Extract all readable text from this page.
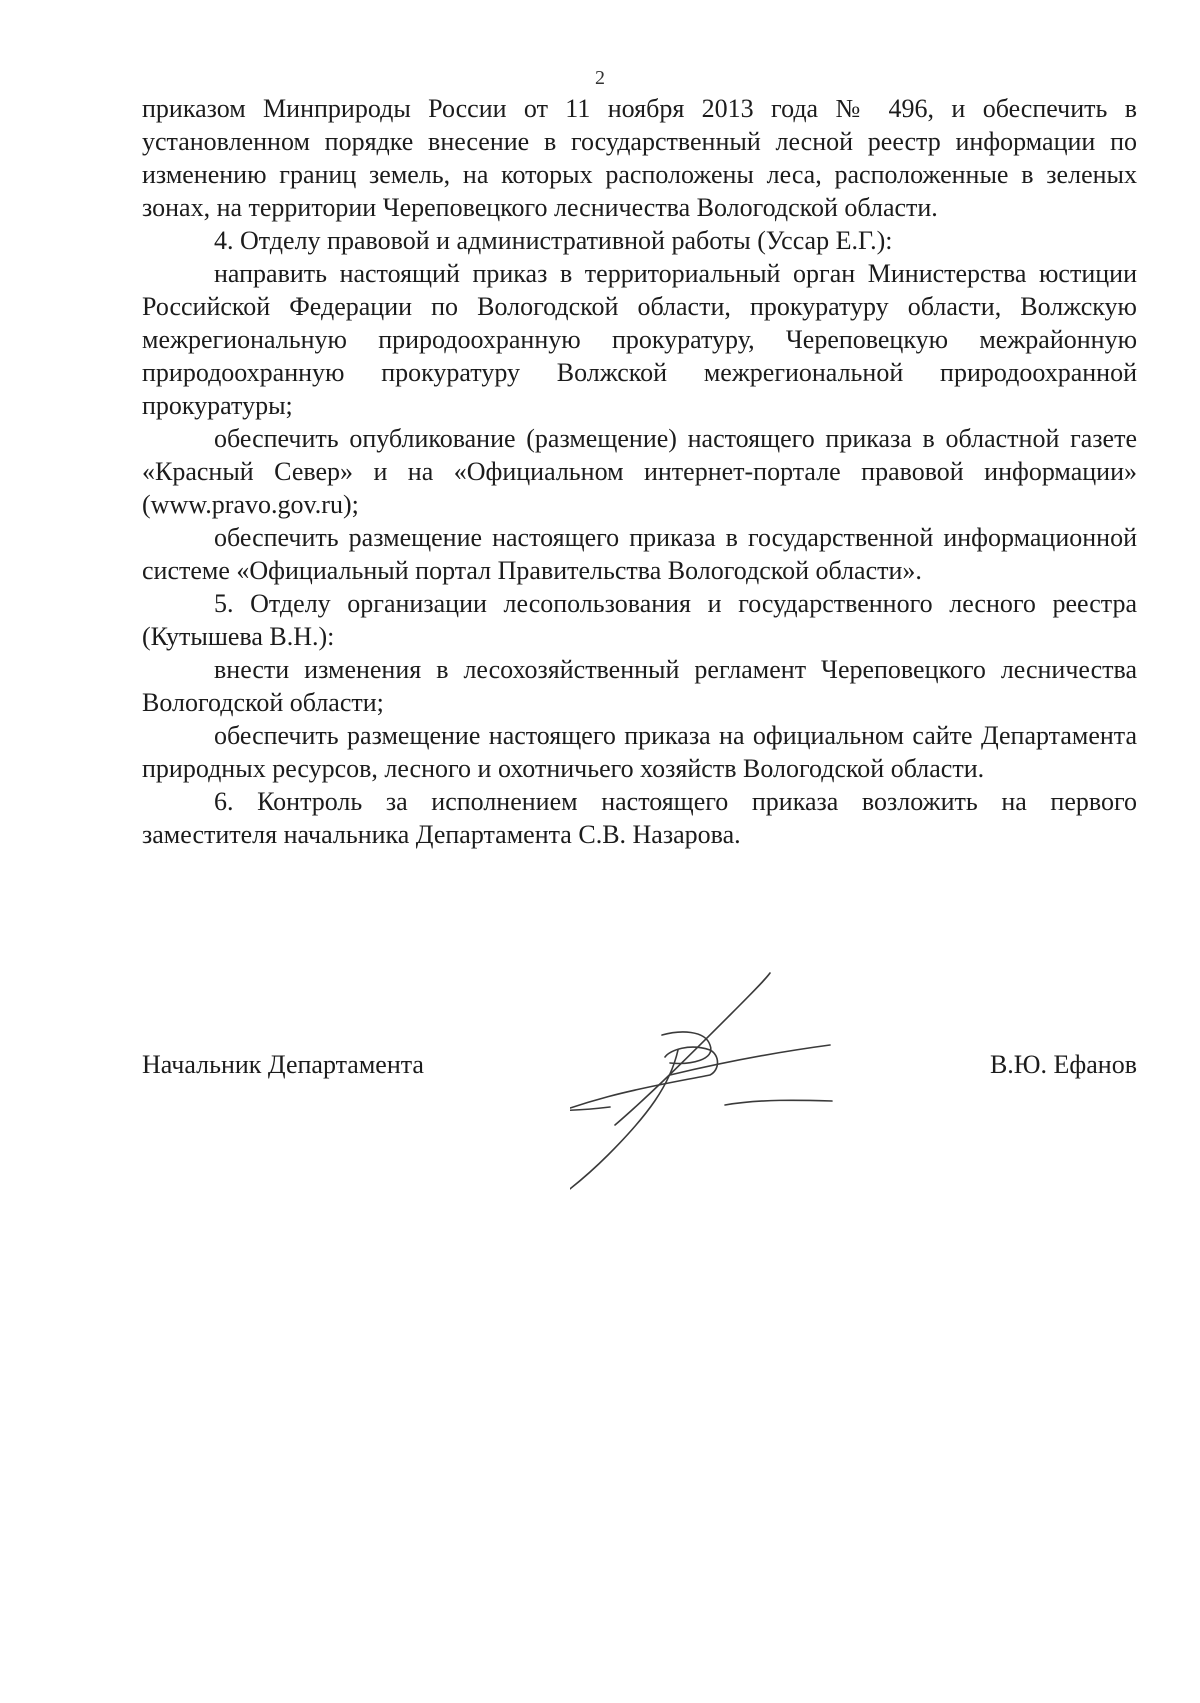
2

приказом Минприроды России от 11 ноября 2013 года № 496, и обеспечить в установленном порядке внесение в государственный лесной реестр информации по изменению границ земель, на которых расположены леса, расположенные в зеленых зонах, на территории Череповецкого лесничества Вологодской области.

4. Отделу правовой и административной работы (Уссар Е.Г.):

направить настоящий приказ в территориальный орган Министерства юстиции Российской Федерации по Вологодской области, прокуратуру области, Волжскую межрегиональную природоохранную прокуратуру, Череповецкую межрайонную природоохранную прокуратуру Волжской межрегиональной природоохранной прокуратуры;

обеспечить опубликование (размещение) настоящего приказа в областной газете «Красный Север» и на «Официальном интернет-портале правовой информации» (www.pravo.gov.ru);

обеспечить размещение настоящего приказа в государственной информационной системе «Официальный портал Правительства Вологодской области».

5. Отделу организации лесопользования и государственного лесного реестра (Кутышева В.Н.):

внести изменения в лесохозяйственный регламент Череповецкого лесничества Вологодской области;

обеспечить размещение настоящего приказа на официальном сайте Департамента природных ресурсов, лесного и охотничьего хозяйств Вологодской области.

6. Контроль за исполнением настоящего приказа возложить на первого заместителя начальника Департамента С.В. Назарова.

Начальник Департамента	В.Ю. Ефанов
